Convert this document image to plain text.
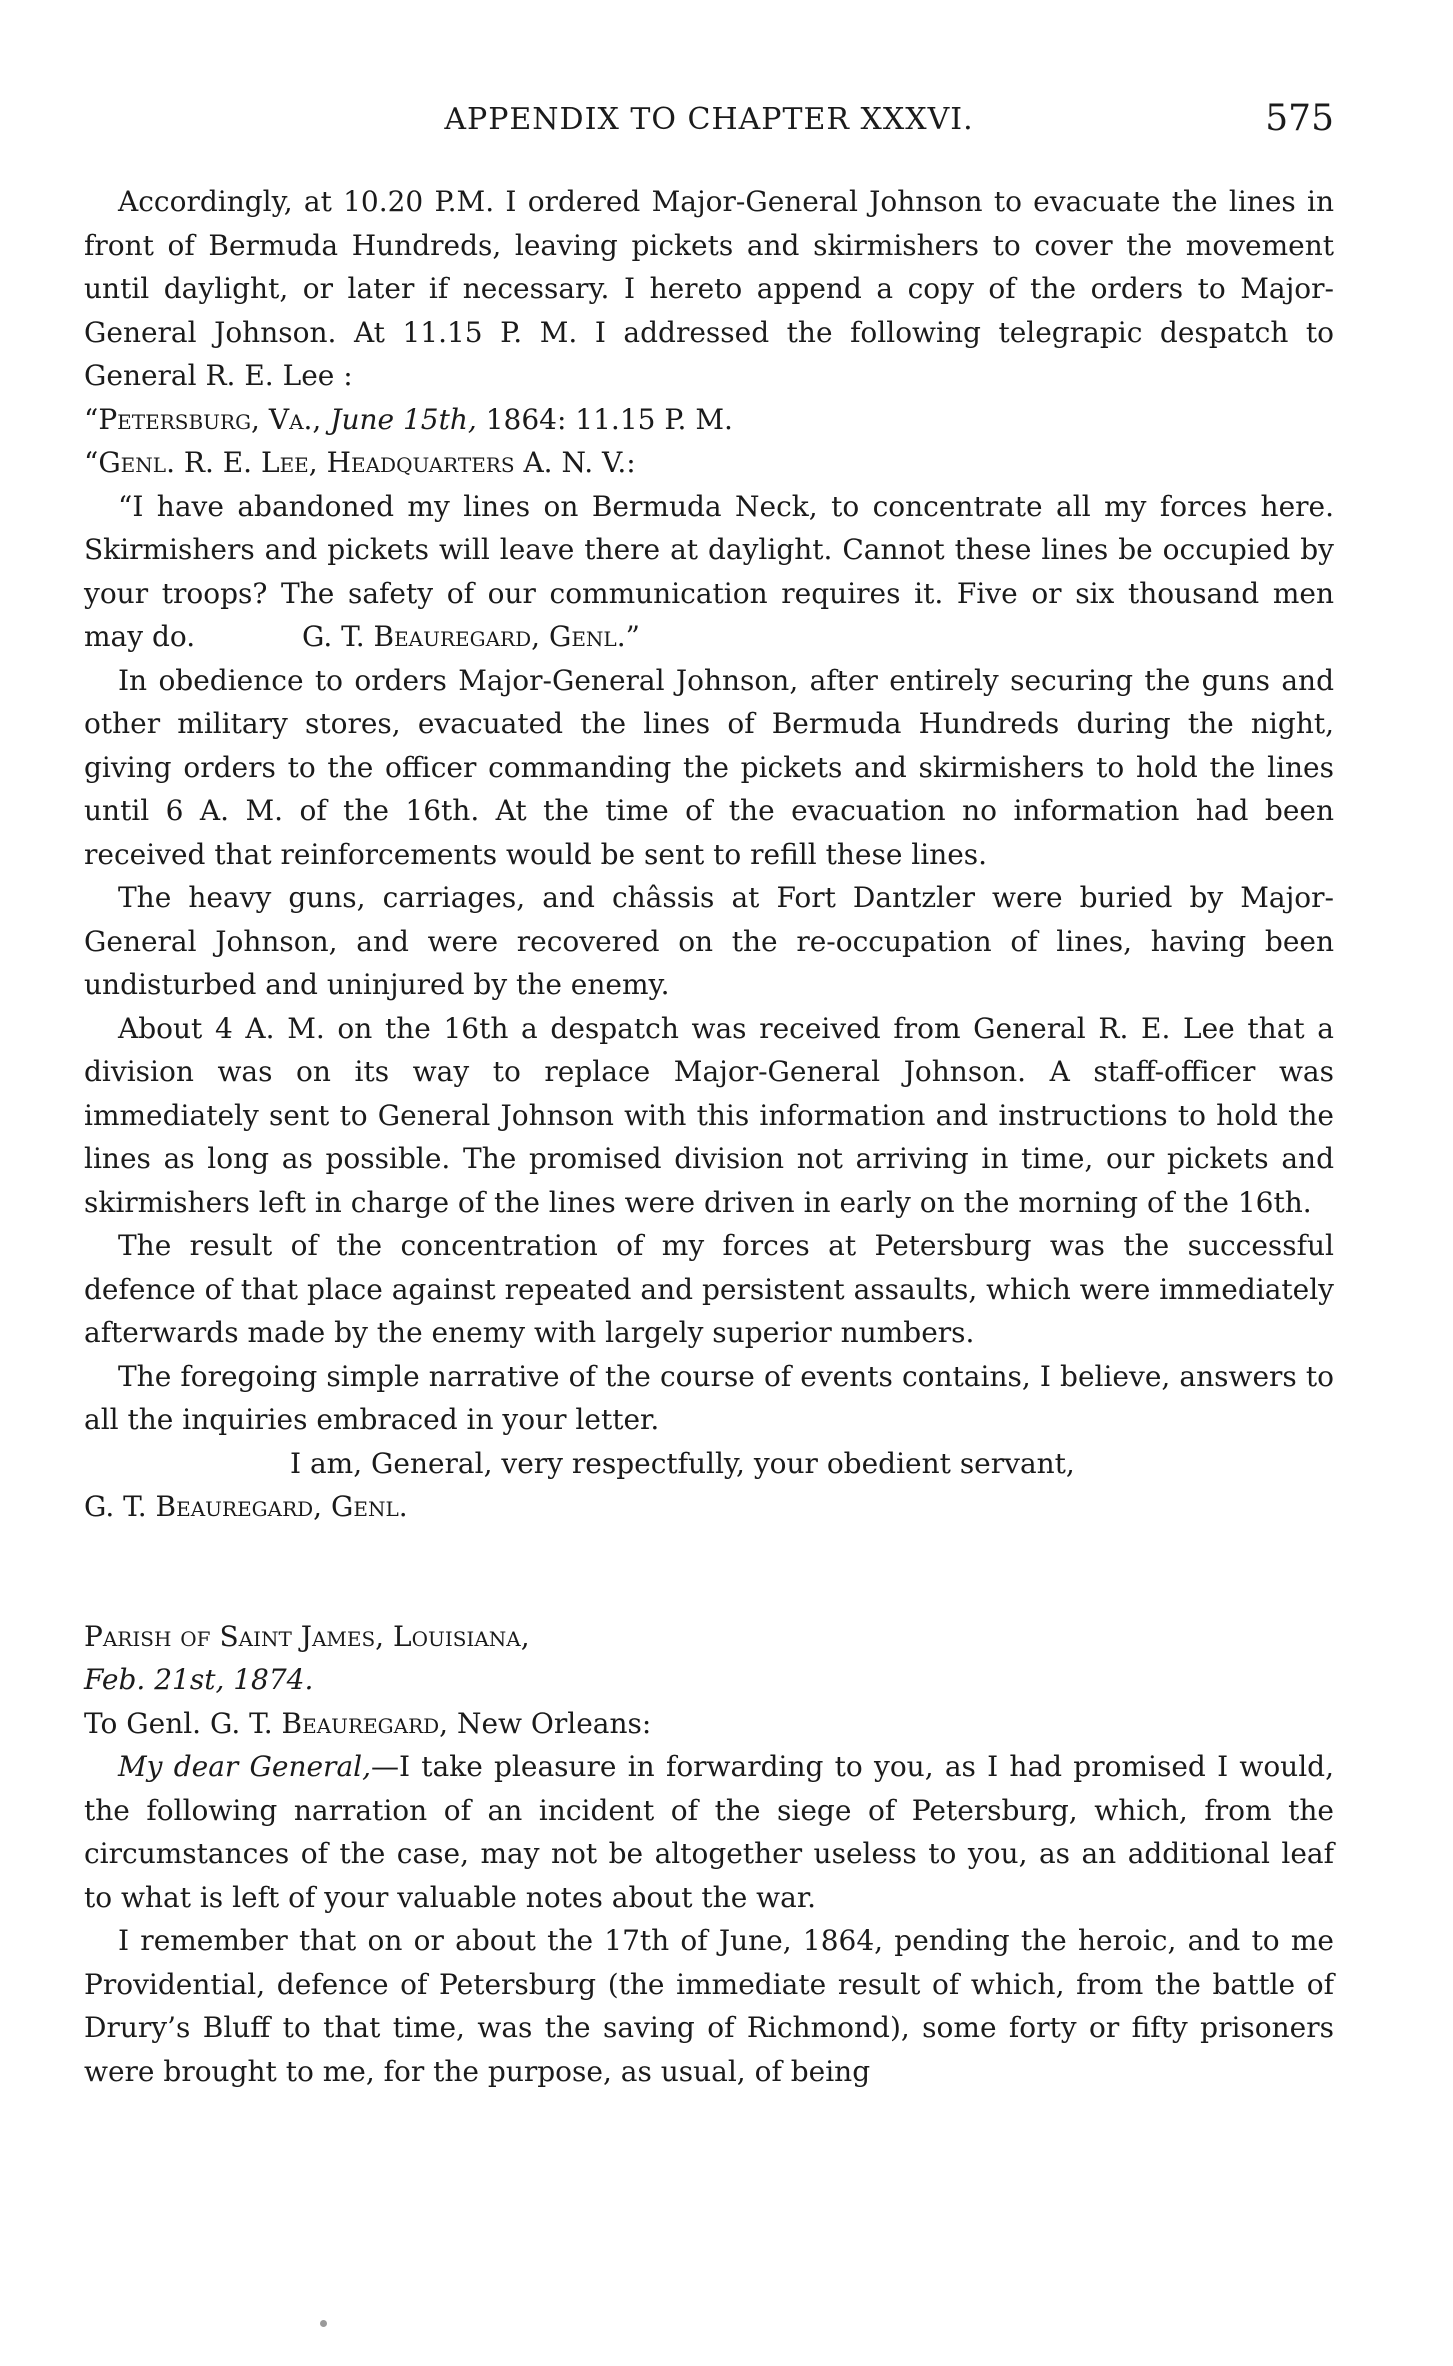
APPENDIX TO CHAPTER XXXVI.	575

Accordingly, at 10.20 P.M. I ordered Major-General Johnson to evacuate the lines in front of Bermuda Hundreds, leaving pickets and skirmishers to cover the movement until daylight, or later if necessary. I hereto append a copy of the orders to Major-General Johnson. At 11.15 P. M. I addressed the following telegrapic despatch to General R. E. Lee :

“Petersburg, Va., June 15th, 1864: 11.15 P. M.

“Genl. R. E. Lee, Headquarters A. N. V.:

“I have abandoned my lines on Bermuda Neck, to concentrate all my forces here. Skirmishers and pickets will leave there at daylight. Cannot these lines be occupied by your troops? The safety of our communication requires it. Five or six thousand men may do.	G. T. Beauregard, Genl.”

In obedience to orders Major-General Johnson, after entirely securing the guns and other military stores, evacuated the lines of Bermuda Hundreds during the night, giving orders to the officer commanding the pickets and skirmishers to hold the lines until 6 A. M. of the 16th. At the time of the evacuation no information had been received that reinforcements would be sent to refill these lines.

The heavy guns, carriages, and châssis at Fort Dantzler were buried by Major-General Johnson, and were recovered on the re-occupation of lines, having been undisturbed and uninjured by the enemy.

About 4 A. M. on the 16th a despatch was received from General R. E. Lee that a division was on its way to replace Major-General Johnson. A staff-officer was immediately sent to General Johnson with this information and instructions to hold the lines as long as possible. The promised division not arriving in time, our pickets and skirmishers left in charge of the lines were driven in early on the morning of the 16th.

The result of the concentration of my forces at Petersburg was the successful defence of that place against repeated and persistent assaults, which were immediately afterwards made by the enemy with largely superior numbers.

The foregoing simple narrative of the course of events contains, I believe, answers to all the inquiries embraced in your letter.

I am, General, very respectfully, your obedient servant,

G. T. Beauregard, Genl.

Parish of Saint James, Louisiana,

Feb. 21st, 1874.

To Genl. G. T. Beauregard, New Orleans:

My dear General,—I take pleasure in forwarding to you, as I had promised I would, the following narration of an incident of the siege of Petersburg, which, from the circumstances of the case, may not be altogether useless to you, as an additional leaf to what is left of your valuable notes about the war.

I remember that on or about the 17th of June, 1864, pending the heroic, and to me Providential, defence of Petersburg (the immediate result of which, from the battle of Drury’s Bluff to that time, was the saving of Richmond), some forty or fifty prisoners were brought to me, for the purpose, as usual, of being
